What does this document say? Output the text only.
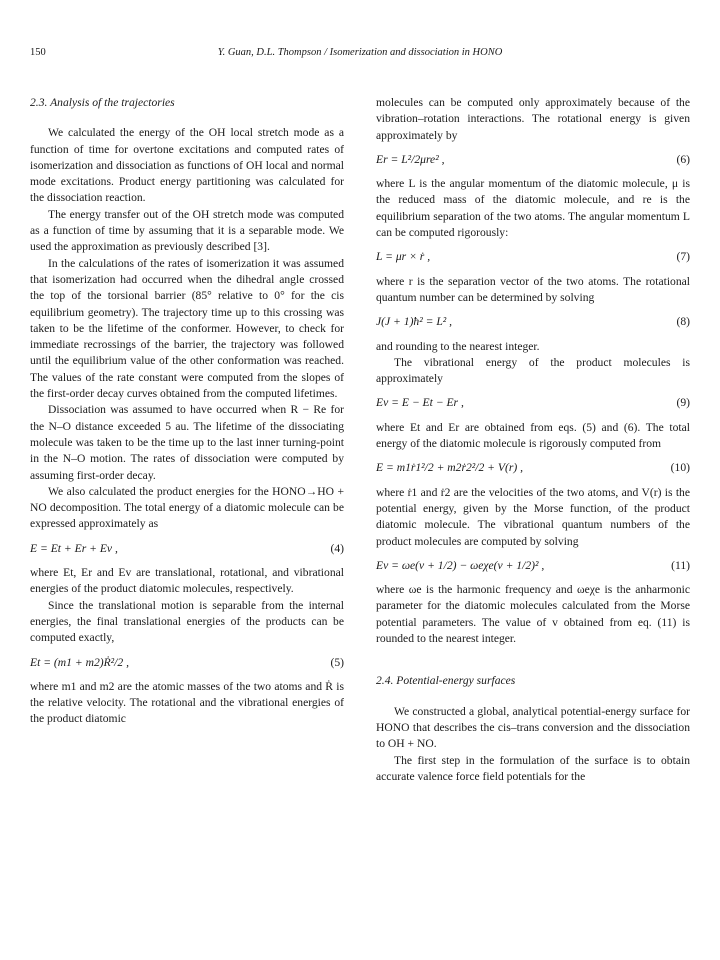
150	Y. Guan, D.L. Thompson / Isomerization and dissociation in HONO
2.3. Analysis of the trajectories

We calculated the energy of the OH local stretch mode as a function of time for overtone excitations and computed rates of isomerization and dissociation as functions of OH local and normal mode excitations. Product energy partitioning was calculated for the dissociation reaction.

The energy transfer out of the OH stretch mode was computed as a function of time by assuming that it is a separable mode. We used the approximation as previously described [3].

In the calculations of the rates of isomerization it was assumed that isomerization had occurred when the dihedral angle crossed the top of the torsional barrier (85° relative to 0° for the cis equilibrium geometry). The trajectory time up to this crossing was taken to be the lifetime of the conformer. However, to check for immediate recrossings of the barrier, the trajectory was followed until the equilibrium value of the other conformation was reached. The values of the rate constant were computed from the slopes of the first-order decay curves obtained from the computed lifetimes.

Dissociation was assumed to have occurred when R − Re for the N–O distance exceeded 5 au. The lifetime of the dissociating molecule was taken to be the time up to the last inner turning-point in the N–O motion. The rates of dissociation were computed by assuming first-order decay.

We also calculated the product energies for the HONO→HO + NO decomposition. The total energy of a diatomic molecule can be expressed approximately as

E = Et + Er + Ev ,	(4)

where Et, Er and Ev are translational, rotational, and vibrational energies of the product diatomic molecules, respectively.

Since the translational motion is separable from the internal energies, the final translational energies of the products can be computed exactly,

Et = (m1 + m2)Ṙ²/2 ,	(5)

where m1 and m2 are the atomic masses of the two atoms and Ṙ is the relative velocity. The rotational and the vibrational energies of the product diatomic

molecules can be computed only approximately because of the vibration–rotation interactions. The rotational energy is given approximately by

Er = L²/2μre² ,	(6)

where L is the angular momentum of the diatomic molecule, μ is the reduced mass of the diatomic molecule, and re is the equilibrium separation of the two atoms. The angular momentum L can be computed rigorously:

L = μr × ṙ ,	(7)

where r is the separation vector of the two atoms. The rotational quantum number can be determined by solving

J(J + 1)ħ² = L² ,	(8)

and rounding to the nearest integer.

The vibrational energy of the product molecules is approximately

Ev = E − Et − Er ,	(9)

where Et and Er are obtained from eqs. (5) and (6). The total energy of the diatomic molecule is rigorously computed from

E = m1ṙ1²/2 + m2ṙ2²/2 + V(r) ,	(10)

where ṙ1 and ṙ2 are the velocities of the two atoms, and V(r) is the potential energy, given by the Morse function, of the product diatomic molecule. The vibrational quantum numbers of the product molecules are computed by solving

Ev = ωe(v + 1/2) − ωeχe(v + 1/2)² ,	(11)

where ωe is the harmonic frequency and ωeχe is the anharmonic parameter for the diatomic molecules calculated from the Morse potential parameters. The value of v obtained from eq. (11) is rounded to the nearest integer.

2.4. Potential-energy surfaces

We constructed a global, analytical potential-energy surface for HONO that describes the cis–trans conversion and the dissociation to OH + NO.

The first step in the formulation of the surface is to obtain accurate valence force field potentials for the
